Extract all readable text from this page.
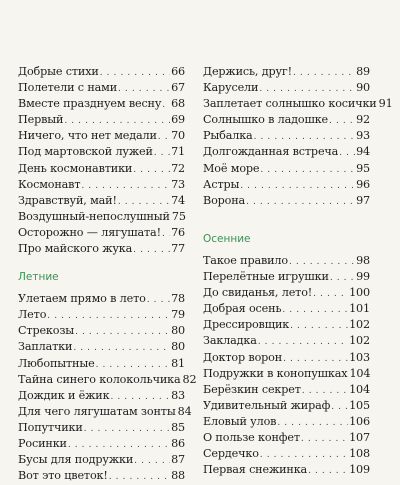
Добрые стихи . . .	66
Полетели с нами . . .	67
Вместе празднуем весну . . . 68
Первый . . .	69
Ничего, что нет медали . . . 70
Под мартовской лужей . . . 71
День космонавтики . . .	72
Космонавт . . .	73
Здравствуй, май! . . .	74
Воздушный-непослушный 75
Осторожно — лягушата! . . . 76
Про майского жука . . .	77
Летние
Улетаем прямо в лето . . . 78
Лето . . .	79
Стрекозы . . .	80
Заплатки . . .	80
Любопытные . . .	81
Тайна синего колокольчика 82
Дождик и ёжик . . .	83
Для чего лягушатам зонты 84
Попутчики . . .	85
Росинки . . .	86
Бусы для подружки . . .	87
Вот это цветок! . . .	88
Держись, друг! . . .	89
Карусели . . .	90
Заплетает солнышко косички 91
Солнышко в ладошке . . .	92
Рыбалка . . .	93
Долгожданная встреча . . . 94
Моё море . . .	95
Астры . . .	96
Ворона . . .	97
Осенние
Такое правило . . .	98
Перелётные игрушки . . . 99
До свиданья, лето! . . .	100
Добрая осень . . .	101
Дрессировщик . . .	102
Закладка . . .	102
Доктор ворон . . .	103
Подружки в конопушках 104
Берёзкин секрет . . .	104
Удивительный жираф . . . 105
Еловый улов . . .	106
О пользе конфет . . .	107
Сердечко . . .	108
Первая снежинка . . .	109
